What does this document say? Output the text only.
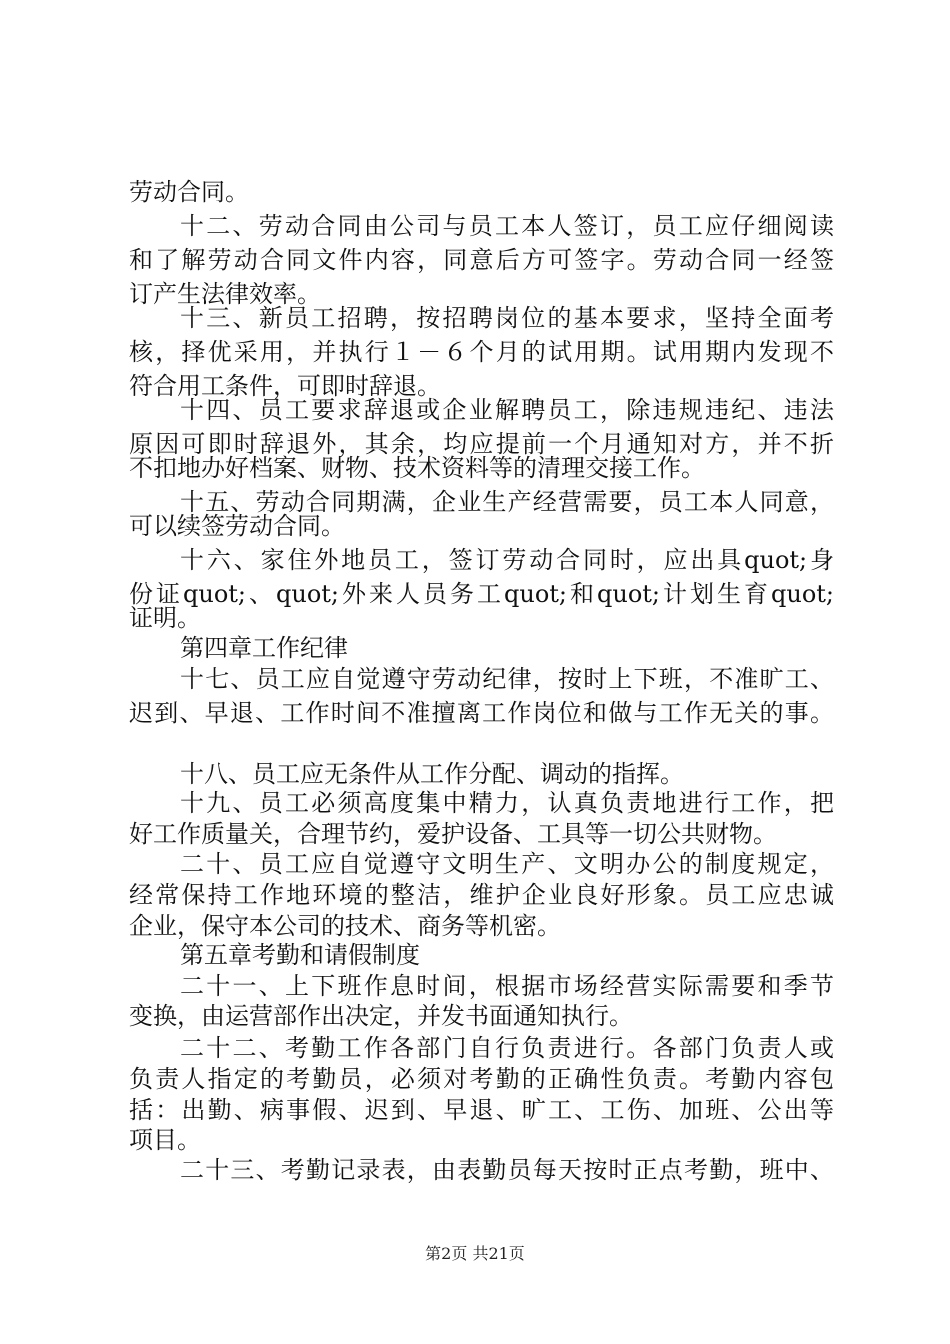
劳动合同。
十二、劳动合同由公司与员工本人签订，员工应仔细阅读
和了解劳动合同文件内容，同意后方可签字。劳动合同一经签
订产生法律效率。
十三、新员工招聘，按招聘岗位的基本要求，坚持全面考
核，择优采用，并执行１－６个月的试用期。试用期内发现不
符合用工条件，可即时辞退。
十四、员工要求辞退或企业解聘员工，除违规违纪、违法
原因可即时辞退外，其余，均应提前一个月通知对方，并不折
不扣地办好档案、财物、技术资料等的清理交接工作。
十五、劳动合同期满，企业生产经营需要，员工本人同意，
可以续签劳动合同。
十六、家住外地员工，签订劳动合同时，应出具quot;身
份证quot;、quot;外来人员务工quot;和quot;计划生育quot;
证明。
第四章工作纪律
十七、员工应自觉遵守劳动纪律，按时上下班，不准旷工、
迟到、早退、工作时间不准擅离工作岗位和做与工作无关的事。
十八、员工应无条件从工作分配、调动的指挥。
十九、员工必须高度集中精力，认真负责地进行工作，把
好工作质量关，合理节约，爱护设备、工具等一切公共财物。
二十、员工应自觉遵守文明生产、文明办公的制度规定，
经常保持工作地环境的整洁，维护企业良好形象。员工应忠诚
企业，保守本公司的技术、商务等机密。
第五章考勤和请假制度
二十一、上下班作息时间，根据市场经营实际需要和季节
变换，由运营部作出决定，并发书面通知执行。
二十二、考勤工作各部门自行负责进行。各部门负责人或
负责人指定的考勤员，必须对考勤的正确性负责。考勤内容包
括：出勤、病事假、迟到、早退、旷工、工伤、加班、公出等
项目。
二十三、考勤记录表，由表勤员每天按时正点考勤，班中、
第2页 共21页
